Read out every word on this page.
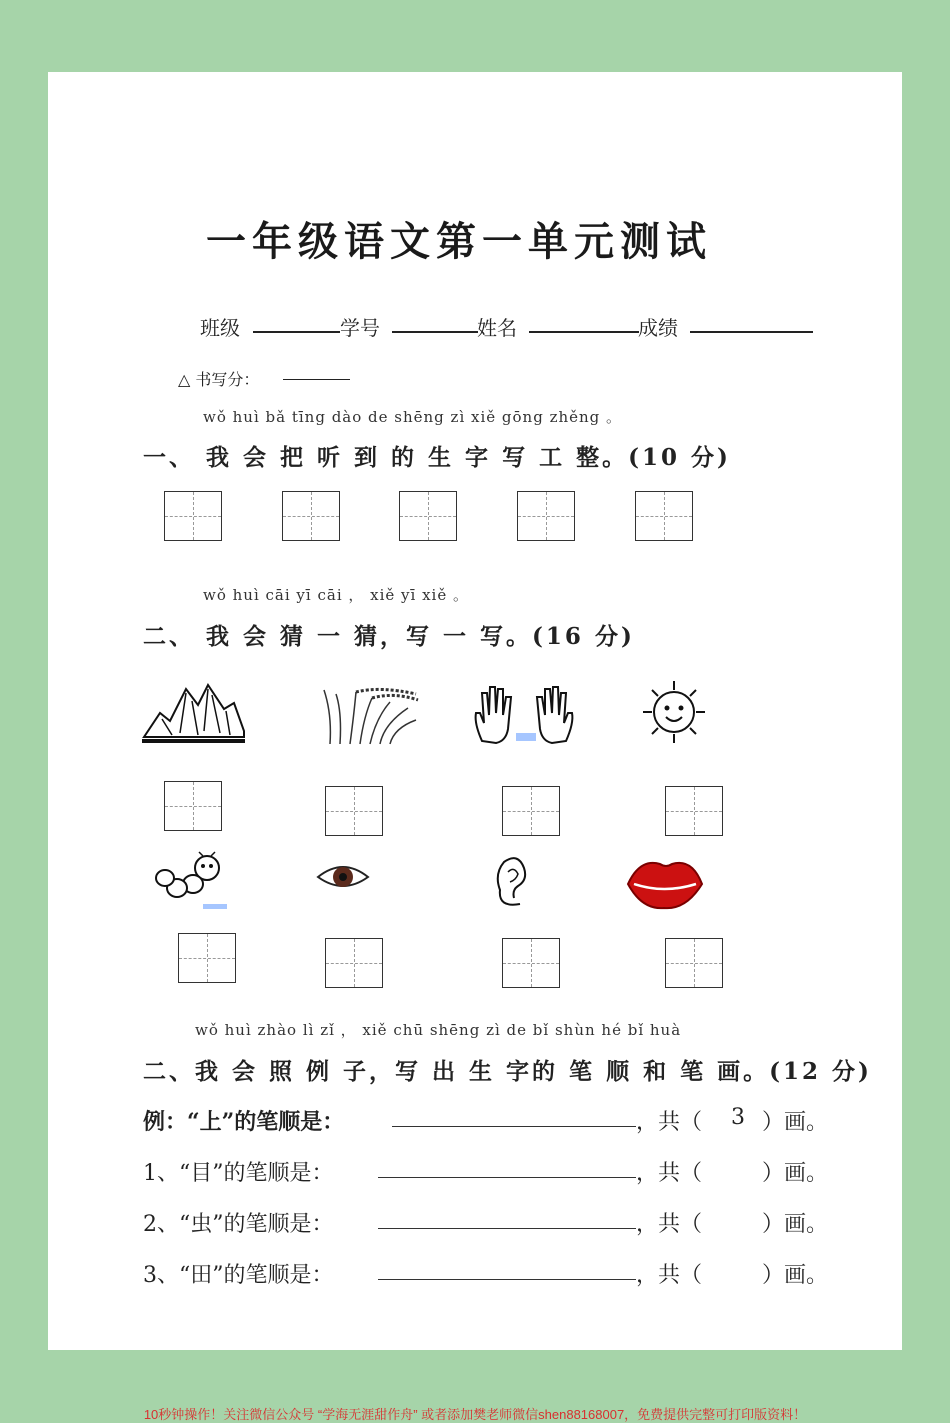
一年级语文第一单元测试
班级	学号	姓名	成绩
△ 书写分：
wǒ huì bǎ tīng dào de shēng zì xiě gōng zhěng 。
一、 我 会 把 听 到 的 生 字 写 工 整。(10 分)
wǒ huì cāi yī cāi ， xiě yī xiě 。
二、 我 会 猜 一 猜，写 一 写。(16 分)
wǒ huì zhào lì zǐ ， xiě chū shēng zì de bǐ shùn hé bǐ huà
二、我 会 照 例 子，写 出 生 字的 笔 顺 和 笔 画。(12 分)
例：“上”的笔顺是：	，共（ 3 ）画。
1、“目”的笔顺是：	，共（	）画。
2、“虫”的笔顺是：	，共（	）画。
3、“田”的笔顺是：	，共（	）画。
10秒钟操作！关注微信公众号 “学海无涯甜作舟” 或者添加樊老师微信shen88168007，免费提供完整可打印版资料！
